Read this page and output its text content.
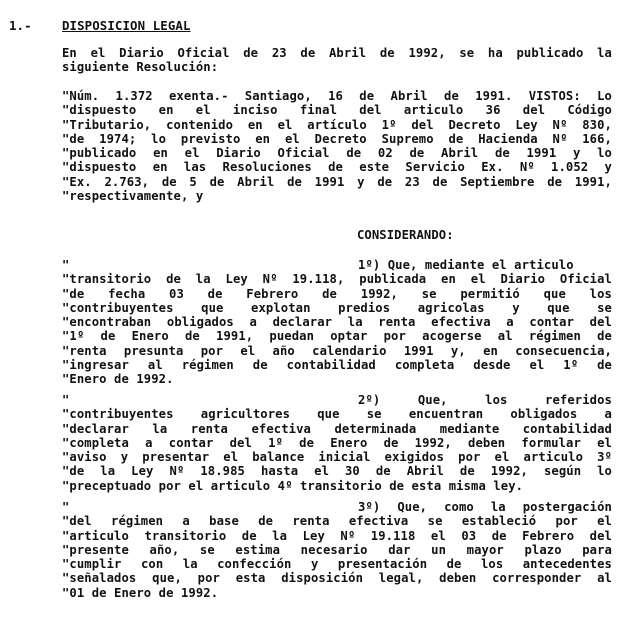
1.- DISPOSICION LEGAL
En el Diario Oficial de 23 de Abril de 1992, se ha publicado la
siguiente Resolución:
"Núm. 1.372 exenta.- Santiago, 16 de Abril de 1991. VISTOS: Lo
"dispuesto en el inciso final del articulo 36 del Código
"Tributario, contenido en el artículo 1º del Decreto Ley Nº 830,
"de 1974; lo previsto en el Decreto Supremo de Hacienda Nº 166,
"publicado en el Diario Oficial de 02 de Abril de 1991 y lo
"dispuesto en las Resoluciones de este Servicio Ex. Nº 1.052 y
"Ex. 2.763, de 5 de Abril de 1991 y de 23 de Septiembre de 1991,
"respectivamente, y
CONSIDERANDO:
"	1º) Que, mediante el articulo
"transitorio de la Ley Nº 19.118, publicada en el Diario Oficial
"de fecha 03 de Febrero de 1992, se permitió que los
"contribuyentes que explotan predios agricolas y que se
"encontraban obligados a declarar la renta efectiva a contar del
"1º de Enero de 1991, puedan optar por acogerse al régimen de
"renta presunta por el año calendario 1991 y, en consecuencia,
"ingresar al régimen de contabilidad completa desde el 1º de
"Enero de 1992.
"	2º) Que, los referidos
"contribuyentes agricultores que se encuentran obligados a
"declarar la renta efectiva determinada mediante contabilidad
"completa a contar del 1º de Enero de 1992, deben formular el
"aviso y presentar el balance inicial exigidos por el articulo 3º
"de la Ley Nº 18.985 hasta el 30 de Abril de 1992, según lo
"preceptuado por el articulo 4º transitorio de esta misma ley.
"	3º) Que, como la postergación
"del régimen a base de renta efectiva se estableció por el
"articulo transitorio de la Ley Nº 19.118 el 03 de Febrero del
"presente año, se estima necesario dar un mayor plazo para
"cumplir con la confección y presentación de los antecedentes
"señalados que, por esta disposición legal, deben corresponder al
"01 de Enero de 1992.
